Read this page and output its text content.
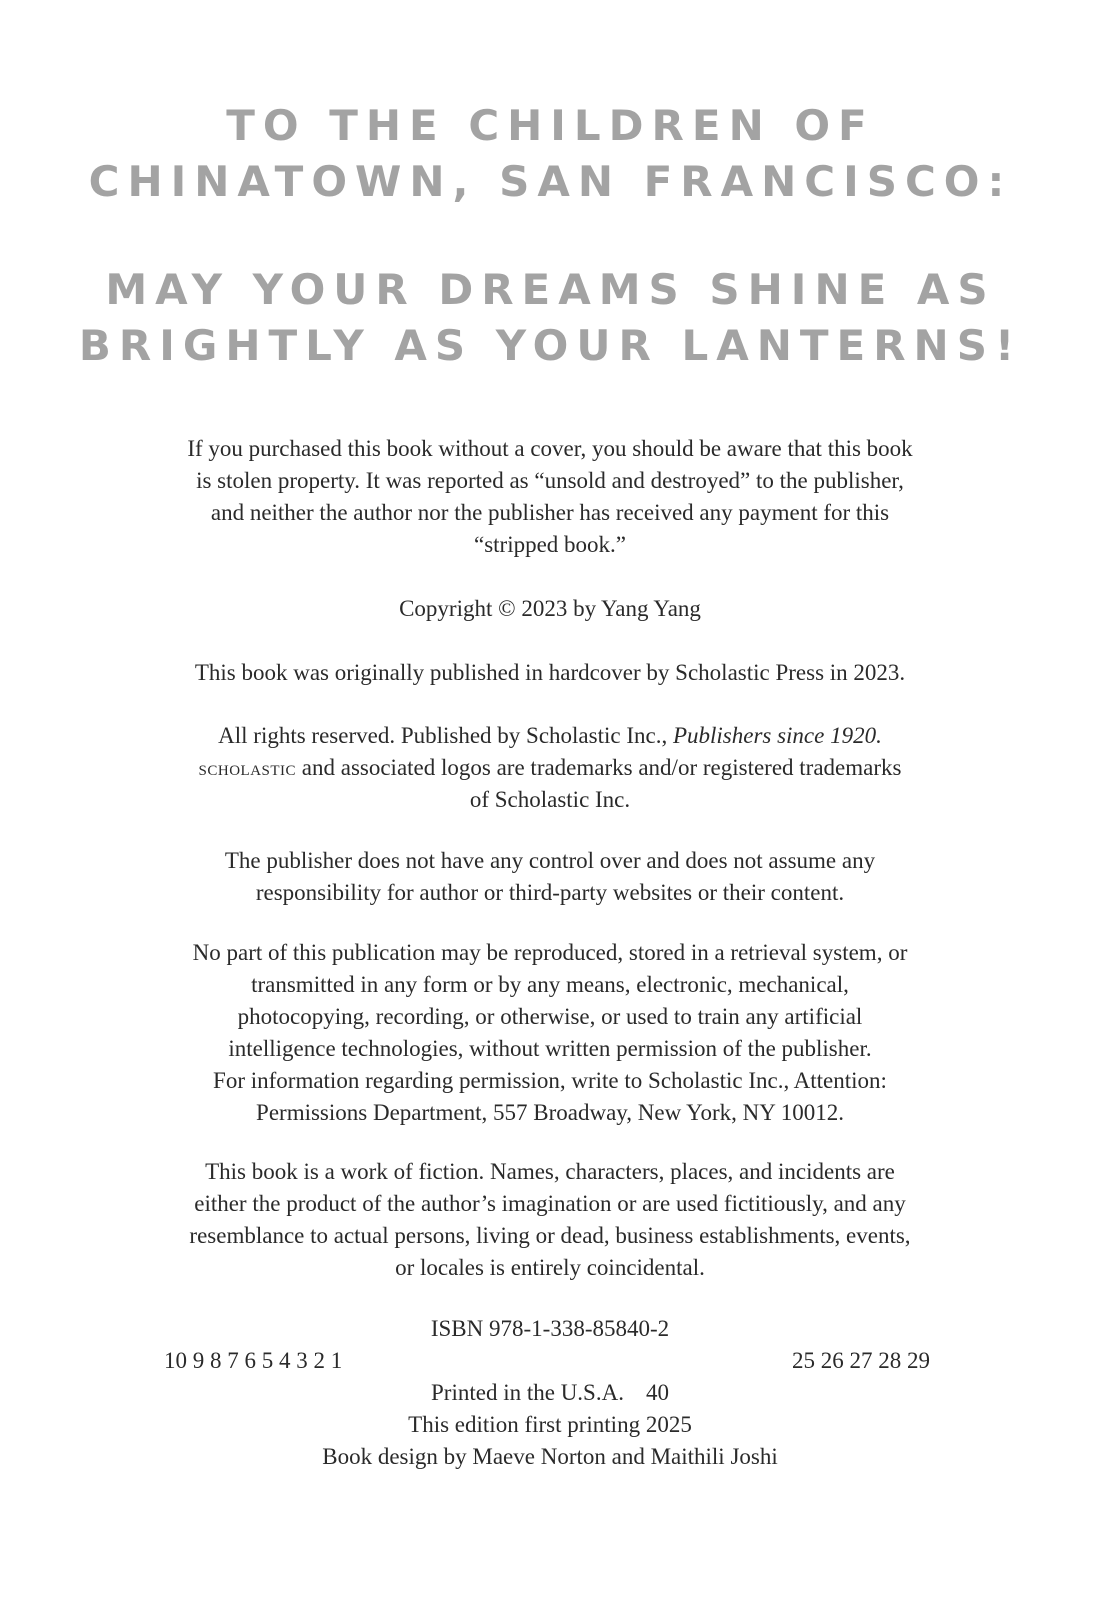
TO THE CHILDREN OF
CHINATOWN, SAN FRANCISCO:
MAY YOUR DREAMS SHINE AS
BRIGHTLY AS YOUR LANTERNS!

If you purchased this book without a cover, you should be aware that this book
is stolen property. It was reported as “unsold and destroyed” to the publisher,
and neither the author nor the publisher has received any payment for this
“stripped book.”

Copyright © 2023 by Yang Yang

This book was originally published in hardcover by Scholastic Press in 2023.

All rights reserved. Published by Scholastic Inc., Publishers since 1920.
scholastic and associated logos are trademarks and/or registered trademarks
of Scholastic Inc.

The publisher does not have any control over and does not assume any
responsibility for author or third-party websites or their content.

No part of this publication may be reproduced, stored in a retrieval system, or
transmitted in any form or by any means, electronic, mechanical,
photocopying, recording, or otherwise, or used to train any artificial
intelligence technologies, without written permission of the publisher.
For information regarding permission, write to Scholastic Inc., Attention:
Permissions Department, 557 Broadway, New York, NY 10012.

This book is a work of fiction. Names, characters, places, and incidents are
either the product of the author’s imagination or are used fictitiously, and any
resemblance to actual persons, living or dead, business establishments, events,
or locales is entirely coincidental.

ISBN 978-1-338-85840-2
10 9 8 7 6 5 4 3 2 1	25 26 27 28 29
Printed in the U.S.A. 40
This edition first printing 2025
Book design by Maeve Norton and Maithili Joshi
